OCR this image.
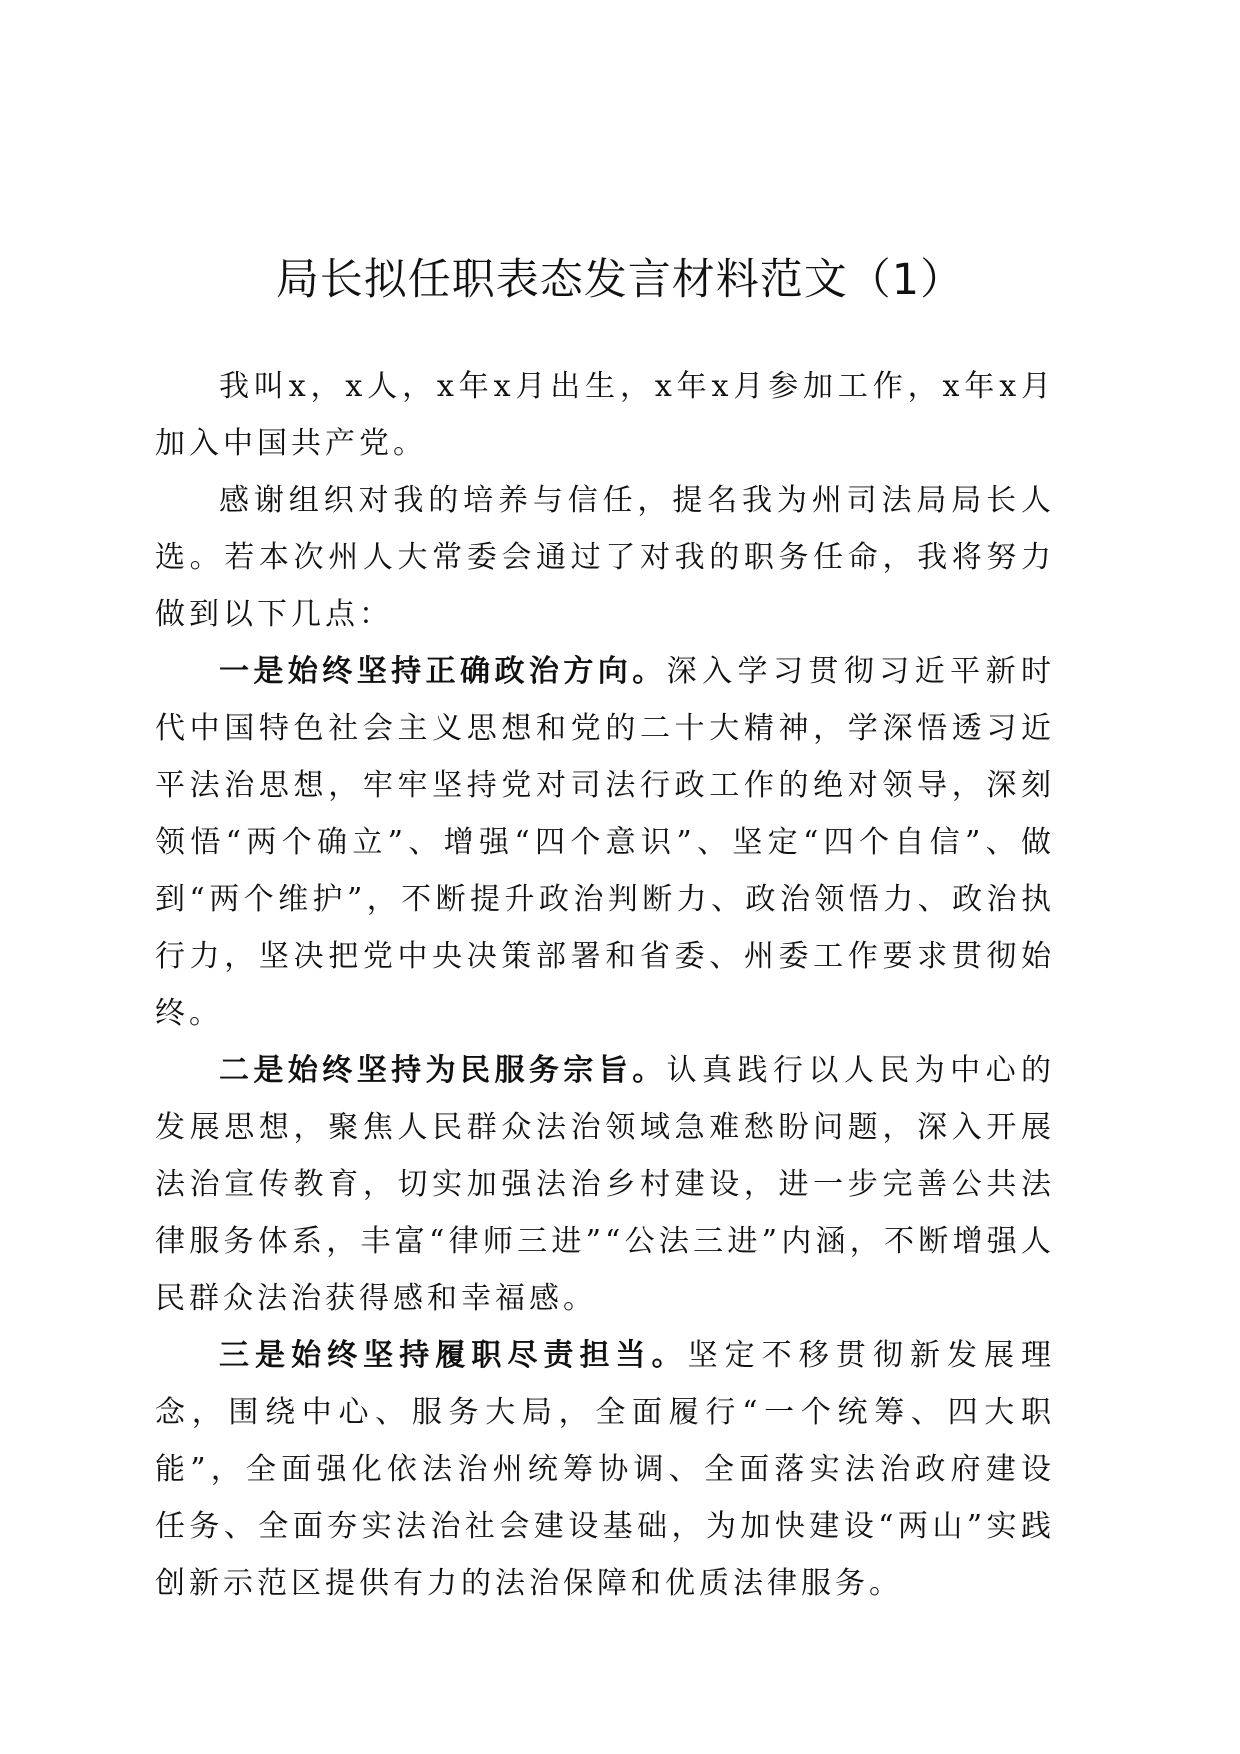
局长拟任职表态发言材料范文（1）

我叫x，x人，x年x月出生，x年x月参加工作，x年x月加入中国共产党。

感谢组织对我的培养与信任，提名我为州司法局局长人选。若本次州人大常委会通过了对我的职务任命，我将努力做到以下几点：

一是始终坚持正确政治方向。深入学习贯彻习近平新时代中国特色社会主义思想和党的二十大精神，学深悟透习近平法治思想，牢牢坚持党对司法行政工作的绝对领导，深刻领悟“两个确立”、增强“四个意识”、坚定“四个自信”、做到“两个维护”，不断提升政治判断力、政治领悟力、政治执行力，坚决把党中央决策部署和省委、州委工作要求贯彻始终。

二是始终坚持为民服务宗旨。认真践行以人民为中心的发展思想，聚焦人民群众法治领域急难愁盼问题，深入开展法治宣传教育，切实加强法治乡村建设，进一步完善公共法律服务体系，丰富“律师三进”“公法三进”内涵，不断增强人民群众法治获得感和幸福感。

三是始终坚持履职尽责担当。坚定不移贯彻新发展理念，围绕中心、服务大局，全面履行“一个统筹、四大职能”，全面强化依法治州统筹协调、全面落实法治政府建设任务、全面夯实法治社会建设基础，为加快建设“两山”实践创新示范区提供有力的法治保障和优质法律服务。
